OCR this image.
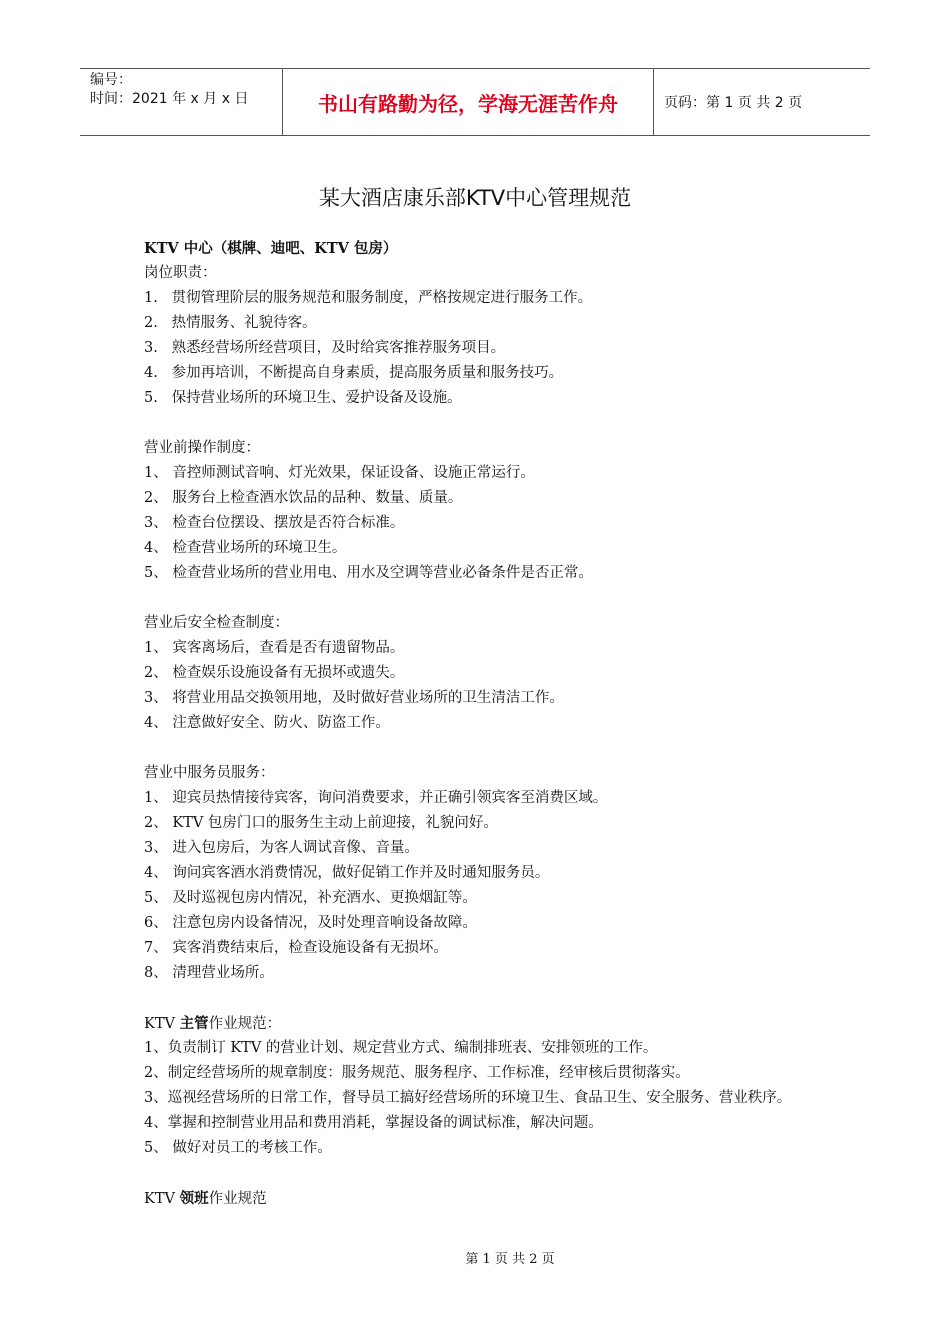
编号：
时间：2021 年 x 月 x 日	书山有路勤为径，学海无涯苦作舟	页码：第 1 页 共 2 页
某大酒店康乐部KTV中心管理规范
KTV 中心（棋牌、迪吧、KTV 包房）
岗位职责：
1.   贯彻管理阶层的服务规范和服务制度，严格按规定进行服务工作。
2.   热情服务、礼貌待客。
3.   熟悉经营场所经营项目，及时给宾客推荐服务项目。
4.   参加再培训，不断提高自身素质，提高服务质量和服务技巧。
5.   保持营业场所的环境卫生、爱护设备及设施。
营业前操作制度：
1、 音控师测试音响、灯光效果，保证设备、设施正常运行。
2、 服务台上检查酒水饮品的品种、数量、质量。
3、 检查台位摆设、摆放是否符合标准。
4、 检查营业场所的环境卫生。
5、 检查营业场所的营业用电、用水及空调等营业必备条件是否正常。
营业后安全检查制度：
1、 宾客离场后，查看是否有遗留物品。
2、 检查娱乐设施设备有无损坏或遗失。
3、 将营业用品交换领用地，及时做好营业场所的卫生清洁工作。
4、 注意做好安全、防火、防盗工作。
营业中服务员服务：
1、 迎宾员热情接待宾客，询问消费要求，并正确引领宾客至消费区域。
2、 KTV 包房门口的服务生主动上前迎接，礼貌问好。
3、 进入包房后，为客人调试音像、音量。
4、 询问宾客酒水消费情况，做好促销工作并及时通知服务员。
5、 及时巡视包房内情况，补充酒水、更换烟缸等。
6、 注意包房内设备情况，及时处理音响设备故障。
7、 宾客消费结束后，检查设施设备有无损坏。
8、 清理营业场所。
KTV 主管作业规范：
1、负责制订 KTV 的营业计划、规定营业方式、编制排班表、安排领班的工作。
2、制定经营场所的规章制度：服务规范、服务程序、工作标准，经审核后贯彻落实。
3、巡视经营场所的日常工作，督导员工搞好经营场所的环境卫生、食品卫生、安全服务、营业秩序。
4、掌握和控制营业用品和费用消耗，掌握设备的调试标准，解决问题。
5、 做好对员工的考核工作。
KTV 领班作业规范
第 1 页 共 2 页
